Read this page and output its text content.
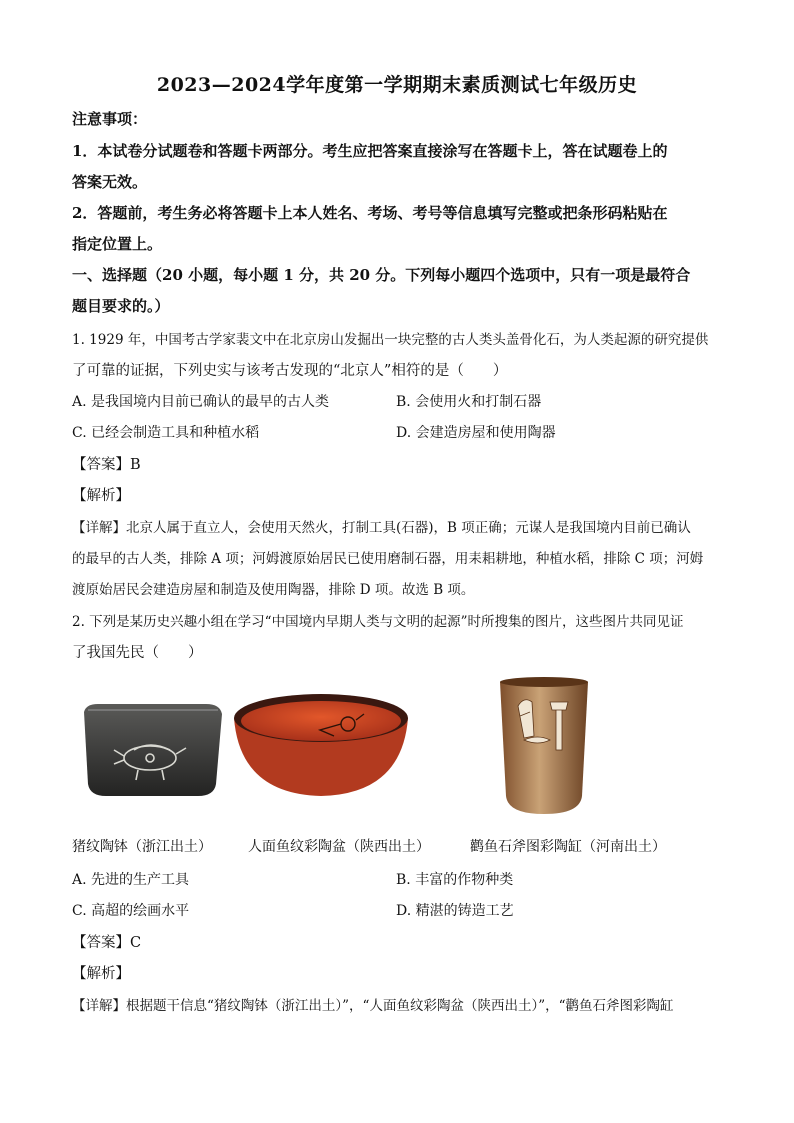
2023—2024学年度第一学期期末素质测试七年级历史
注意事项：
1．本试卷分试题卷和答题卡两部分。考生应把答案直接涂写在答题卡上，答在试题卷上的
答案无效。
2．答题前，考生务必将答题卡上本人姓名、考场、考号等信息填写完整或把条形码粘贴在
指定位置上。
一、选择题（20 小题，每小题 1 分，共 20 分。下列每小题四个选项中，只有一项是最符合
题目要求的。）
1. 1929 年，中国考古学家裴文中在北京房山发掘出一块完整的古人类头盖骨化石，为人类起源的研究提供
了可靠的证据，下列史实与该考古发现的“北京人”相符的是（　　）
A. 是我国境内目前已确认的最早的古人类	B. 会使用火和打制石器
C. 已经会制造工具和种植水稻	D. 会建造房屋和使用陶器
【答案】B
【解析】
【详解】北京人属于直立人，会使用天然火，打制工具(石器)，B 项正确；元谋人是我国境内目前已确认
的最早的古人类，排除 A 项；河姆渡原始居民已使用磨制石器，用耒耜耕地，种植水稻，排除 C 项；河姆
渡原始居民会建造房屋和制造及使用陶器，排除 D 项。故选 B 项。
2. 下列是某历史兴趣小组在学习“中国境内早期人类与文明的起源”时所搜集的图片，这些图片共同见证
了我国先民（　　）
猪纹陶钵（浙江出土）	人面鱼纹彩陶盆（陕西出土）	鹳鱼石斧图彩陶缸（河南出土）
A. 先进的生产工具	B. 丰富的作物种类
C. 高超的绘画水平	D. 精湛的铸造工艺
【答案】C
【解析】
【详解】根据题干信息“猪纹陶钵（浙江出土）”，“人面鱼纹彩陶盆（陕西出土）”，“鹳鱼石斧图彩陶缸
